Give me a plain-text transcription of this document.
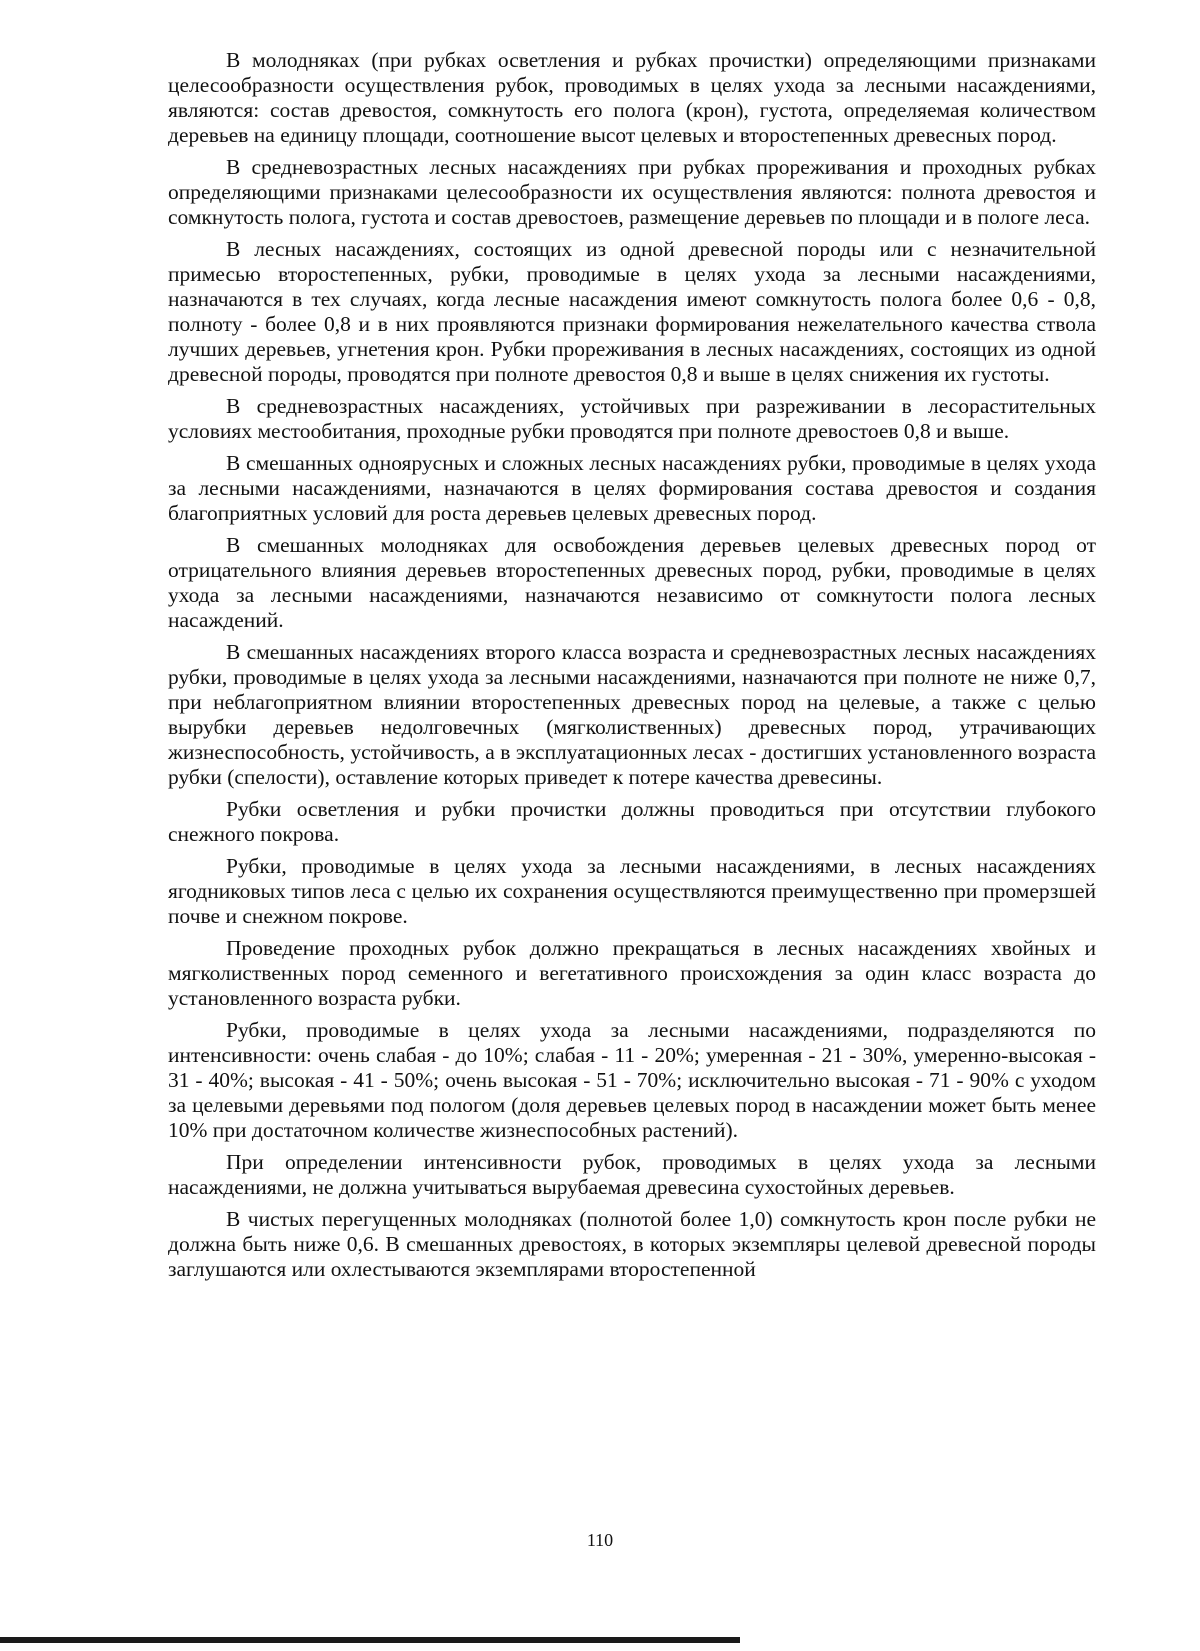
В молодняках (при рубках осветления и рубках прочистки) определяющими признаками целесообразности осуществления рубок, проводимых в целях ухода за лесными насаждениями, являются: состав древостоя, сомкнутость его полога (крон), густота, определяемая количеством деревьев на единицу площади, соотношение высот целевых и второстепенных древесных пород.

В средневозрастных лесных насаждениях при рубках прореживания и проходных рубках определяющими признаками целесообразности их осуществления являются: полнота древостоя и сомкнутость полога, густота и состав древостоев, размещение деревьев по площади и в пологе леса.

В лесных насаждениях, состоящих из одной древесной породы или с незначительной примесью второстепенных, рубки, проводимые в целях ухода за лесными насаждениями, назначаются в тех случаях, когда лесные насаждения имеют сомкнутость полога более 0,6 - 0,8, полноту - более 0,8 и в них проявляются признаки формирования нежелательного качества ствола лучших деревьев, угнетения крон. Рубки прореживания в лесных насаждениях, состоящих из одной древесной породы, проводятся при полноте древостоя 0,8 и выше в целях снижения их густоты.

В средневозрастных насаждениях, устойчивых при разреживании в лесорастительных условиях местообитания, проходные рубки проводятся при полноте древостоев 0,8 и выше.

В смешанных одноярусных и сложных лесных насаждениях рубки, проводимые в целях ухода за лесными насаждениями, назначаются в целях формирования состава древостоя и создания благоприятных условий для роста деревьев целевых древесных пород.

В смешанных молодняках для освобождения деревьев целевых древесных пород от отрицательного влияния деревьев второстепенных древесных пород, рубки, проводимые в целях ухода за лесными насаждениями, назначаются независимо от сомкнутости полога лесных насаждений.

В смешанных насаждениях второго класса возраста и средневозрастных лесных насаждениях рубки, проводимые в целях ухода за лесными насаждениями, назначаются при полноте не ниже 0,7, при неблагоприятном влиянии второстепенных древесных пород на целевые, а также с целью вырубки деревьев недолговечных (мягколиственных) древесных пород, утрачивающих жизнеспособность, устойчивость, а в эксплуатационных лесах - достигших установленного возраста рубки (спелости), оставление которых приведет к потере качества древесины.

Рубки осветления и рубки прочистки должны проводиться при отсутствии глубокого снежного покрова.

Рубки, проводимые в целях ухода за лесными насаждениями, в лесных насаждениях ягодниковых типов леса с целью их сохранения осуществляются преимущественно при промерзшей почве и снежном покрове.

Проведение проходных рубок должно прекращаться в лесных насаждениях хвойных и мягколиственных пород семенного и вегетативного происхождения за один класс возраста до установленного возраста рубки.

Рубки, проводимые в целях ухода за лесными насаждениями, подразделяются по интенсивности: очень слабая - до 10%; слабая - 11 - 20%; умеренная - 21 - 30%, умеренно-высокая - 31 - 40%; высокая - 41 - 50%; очень высокая - 51 - 70%; исключительно высокая - 71 - 90% с уходом за целевыми деревьями под пологом (доля деревьев целевых пород в насаждении может быть менее 10% при достаточном количестве жизнеспособных растений).

При определении интенсивности рубок, проводимых в целях ухода за лесными насаждениями, не должна учитываться вырубаемая древесина сухостойных деревьев.

В чистых перегущенных молодняках (полнотой более 1,0) сомкнутость крон после рубки не должна быть ниже 0,6. В смешанных древостоях, в которых экземпляры целевой древесной породы заглушаются или охлестываются экземплярами второстепенной

110
